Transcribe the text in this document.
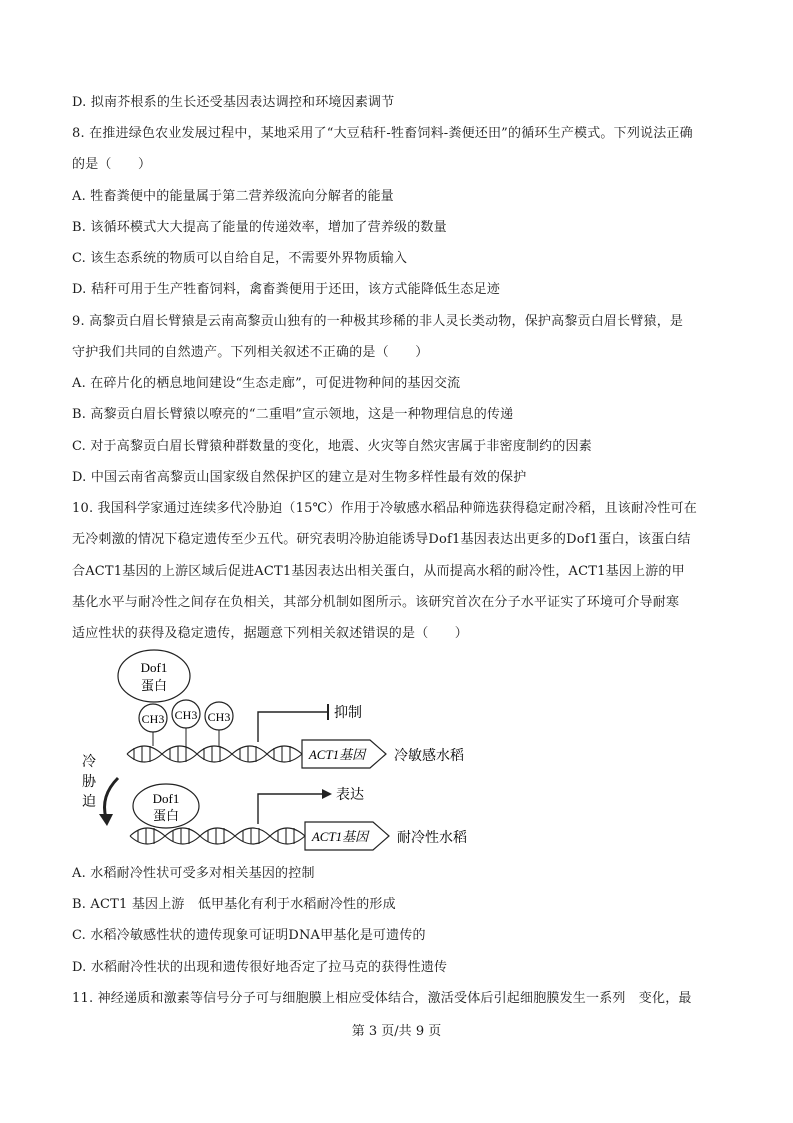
D. 拟南芥根系的生长还受基因表达调控和环境因素调节
8. 在推进绿色农业发展过程中，某地采用了“大豆秸秆-牲畜饲料-粪便还田”的循环生产模式。下列说法正确
的是（　　）
A. 牲畜粪便中的能量属于第二营养级流向分解者的能量
B. 该循环模式大大提高了能量的传递效率，增加了营养级的数量
C. 该生态系统的物质可以自给自足，不需要外界物质输入
D. 秸秆可用于生产牲畜饲料，禽畜粪便用于还田，该方式能降低生态足迹
9. 高黎贡白眉长臂猿是云南高黎贡山独有的一种极其珍稀的非人灵长类动物，保护高黎贡白眉长臂猿，是
守护我们共同的自然遗产。下列相关叙述不正确的是（　　）
A. 在碎片化的栖息地间建设“生态走廊”，可促进物种间的基因交流
B. 高黎贡白眉长臂猿以嘹亮的“二重唱”宣示领地，这是一种物理信息的传递
C. 对于高黎贡白眉长臂猿种群数量的变化，地震、火灾等自然灾害属于非密度制约的因素
D. 中国云南省高黎贡山国家级自然保护区的建立是对生物多样性最有效的保护
10. 我国科学家通过连续多代冷胁迫（15℃）作用于冷敏感水稻品种筛选获得稳定耐冷稻，且该耐冷性可在
无冷刺激的情况下稳定遗传至少五代。研究表明冷胁迫能诱导Dof1基因表达出更多的Dof1蛋白，该蛋白结
合ACT1基因的上游区域后促进ACT1基因表达出相关蛋白，从而提高水稻的耐冷性，ACT1基因上游的甲
基化水平与耐冷性之间存在负相关，其部分机制如图所示。该研究首次在分子水平证实了环境可介导耐寒
适应性状的获得及稳定遗传，据题意下列相关叙述错误的是（　　）
Dof1
蛋白
CH3 CH3 CH3	抑制
ACT1基因 冷敏感水稻
冷
胁
迫	Dof1
蛋白
表达
ACT1基因 耐冷性水稻
A. 水稻耐冷性状可受多对相关基因的控制
B. ACT1 基因上游　低甲基化有利于水稻耐冷性的形成
C. 水稻冷敏感性状的遗传现象可证明DNA甲基化是可遗传的
D. 水稻耐冷性状的出现和遗传很好地否定了拉马克的获得性遗传
11. 神经递质和激素等信号分子可与细胞膜上相应受体结合，激活受体后引起细胞膜发生一系列　变化，最
第 3 页/共 9 页
